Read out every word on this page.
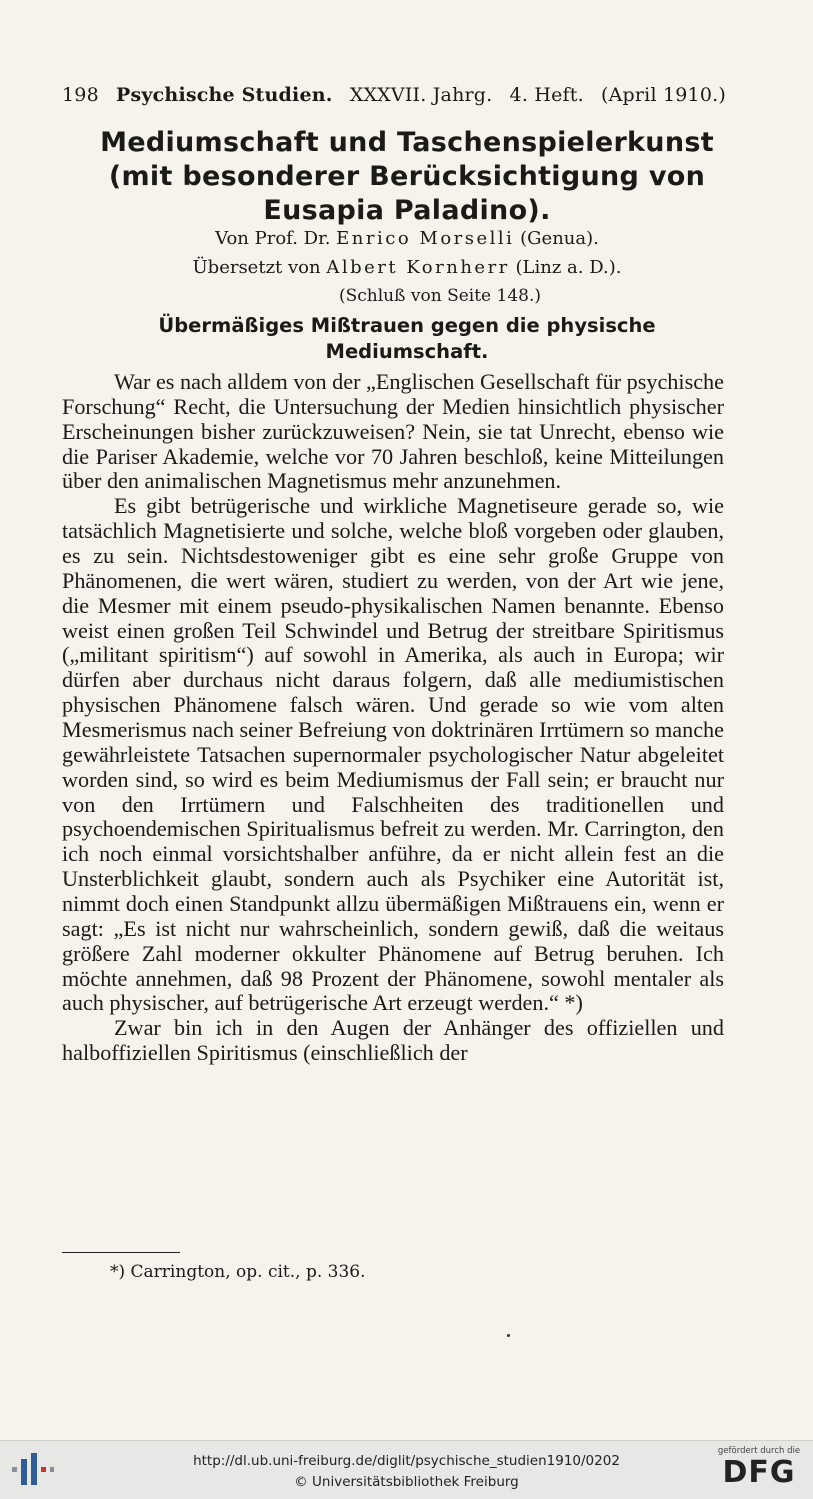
198 Psychische Studien. XXXVII. Jahrg. 4. Heft. (April 1910.)
Mediumschaft und Taschenspielerkunst
(mit besonderer Berücksichtigung von
Eusapia Paladino).
Von Prof. Dr. Enrico Morselli (Genua).
Übersetzt von Albert Kornherr (Linz a. D.).
(Schluß von Seite 148.)
Übermäßiges Mißtrauen gegen die physische
Mediumschaft.

War es nach alldem von der „Englischen Gesellschaft für psychische Forschung“ Recht, die Untersuchung der Medien hinsichtlich physischer Erscheinungen bisher zurückzuweisen? Nein, sie tat Unrecht, ebenso wie die Pariser Akademie, welche vor 70 Jahren beschloß, keine Mitteilungen über den animalischen Magnetismus mehr anzunehmen.

Es gibt betrügerische und wirkliche Magnetiseure gerade so, wie tatsächlich Magnetisierte und solche, welche bloß vorgeben oder glauben, es zu sein. Nichtsdestoweniger gibt es eine sehr große Gruppe von Phänomenen, die wert wären, studiert zu werden, von der Art wie jene, die Mesmer mit einem pseudo-physikalischen Namen benannte. Ebenso weist einen großen Teil Schwindel und Betrug der streitbare Spiritismus („militant spiritism“) auf sowohl in Amerika, als auch in Europa; wir dürfen aber durchaus nicht daraus folgern, daß alle mediumistischen physischen Phänomene falsch wären. Und gerade so wie vom alten Mesmerismus nach seiner Befreiung von doktrinären Irrtümern so manche gewährleistete Tatsachen supernormaler psychologischer Natur abgeleitet worden sind, so wird es beim Mediumismus der Fall sein; er braucht nur von den Irrtümern und Falschheiten des traditionellen und psychoendemischen Spiritualismus befreit zu werden. Mr. Carrington, den ich noch einmal vorsichtshalber anführe, da er nicht allein fest an die Unsterblichkeit glaubt, sondern auch als Psychiker eine Autorität ist, nimmt doch einen Standpunkt allzu übermäßigen Mißtrauens ein, wenn er sagt: „Es ist nicht nur wahrscheinlich, sondern gewiß, daß die weitaus größere Zahl moderner okkulter Phänomene auf Betrug beruhen. Ich möchte annehmen, daß 98 Prozent der Phänomene, sowohl mentaler als auch physischer, auf betrügerische Art erzeugt werden.“ *)

Zwar bin ich in den Augen der Anhänger des offiziellen und halboffiziellen Spiritismus (einschließlich der

*) Carrington, op. cit., p. 336.
http://dl.ub.uni-freiburg.de/diglit/psychische_studien1910/0202
© Universitätsbibliothek Freiburg
gefördert durch die
DFG
